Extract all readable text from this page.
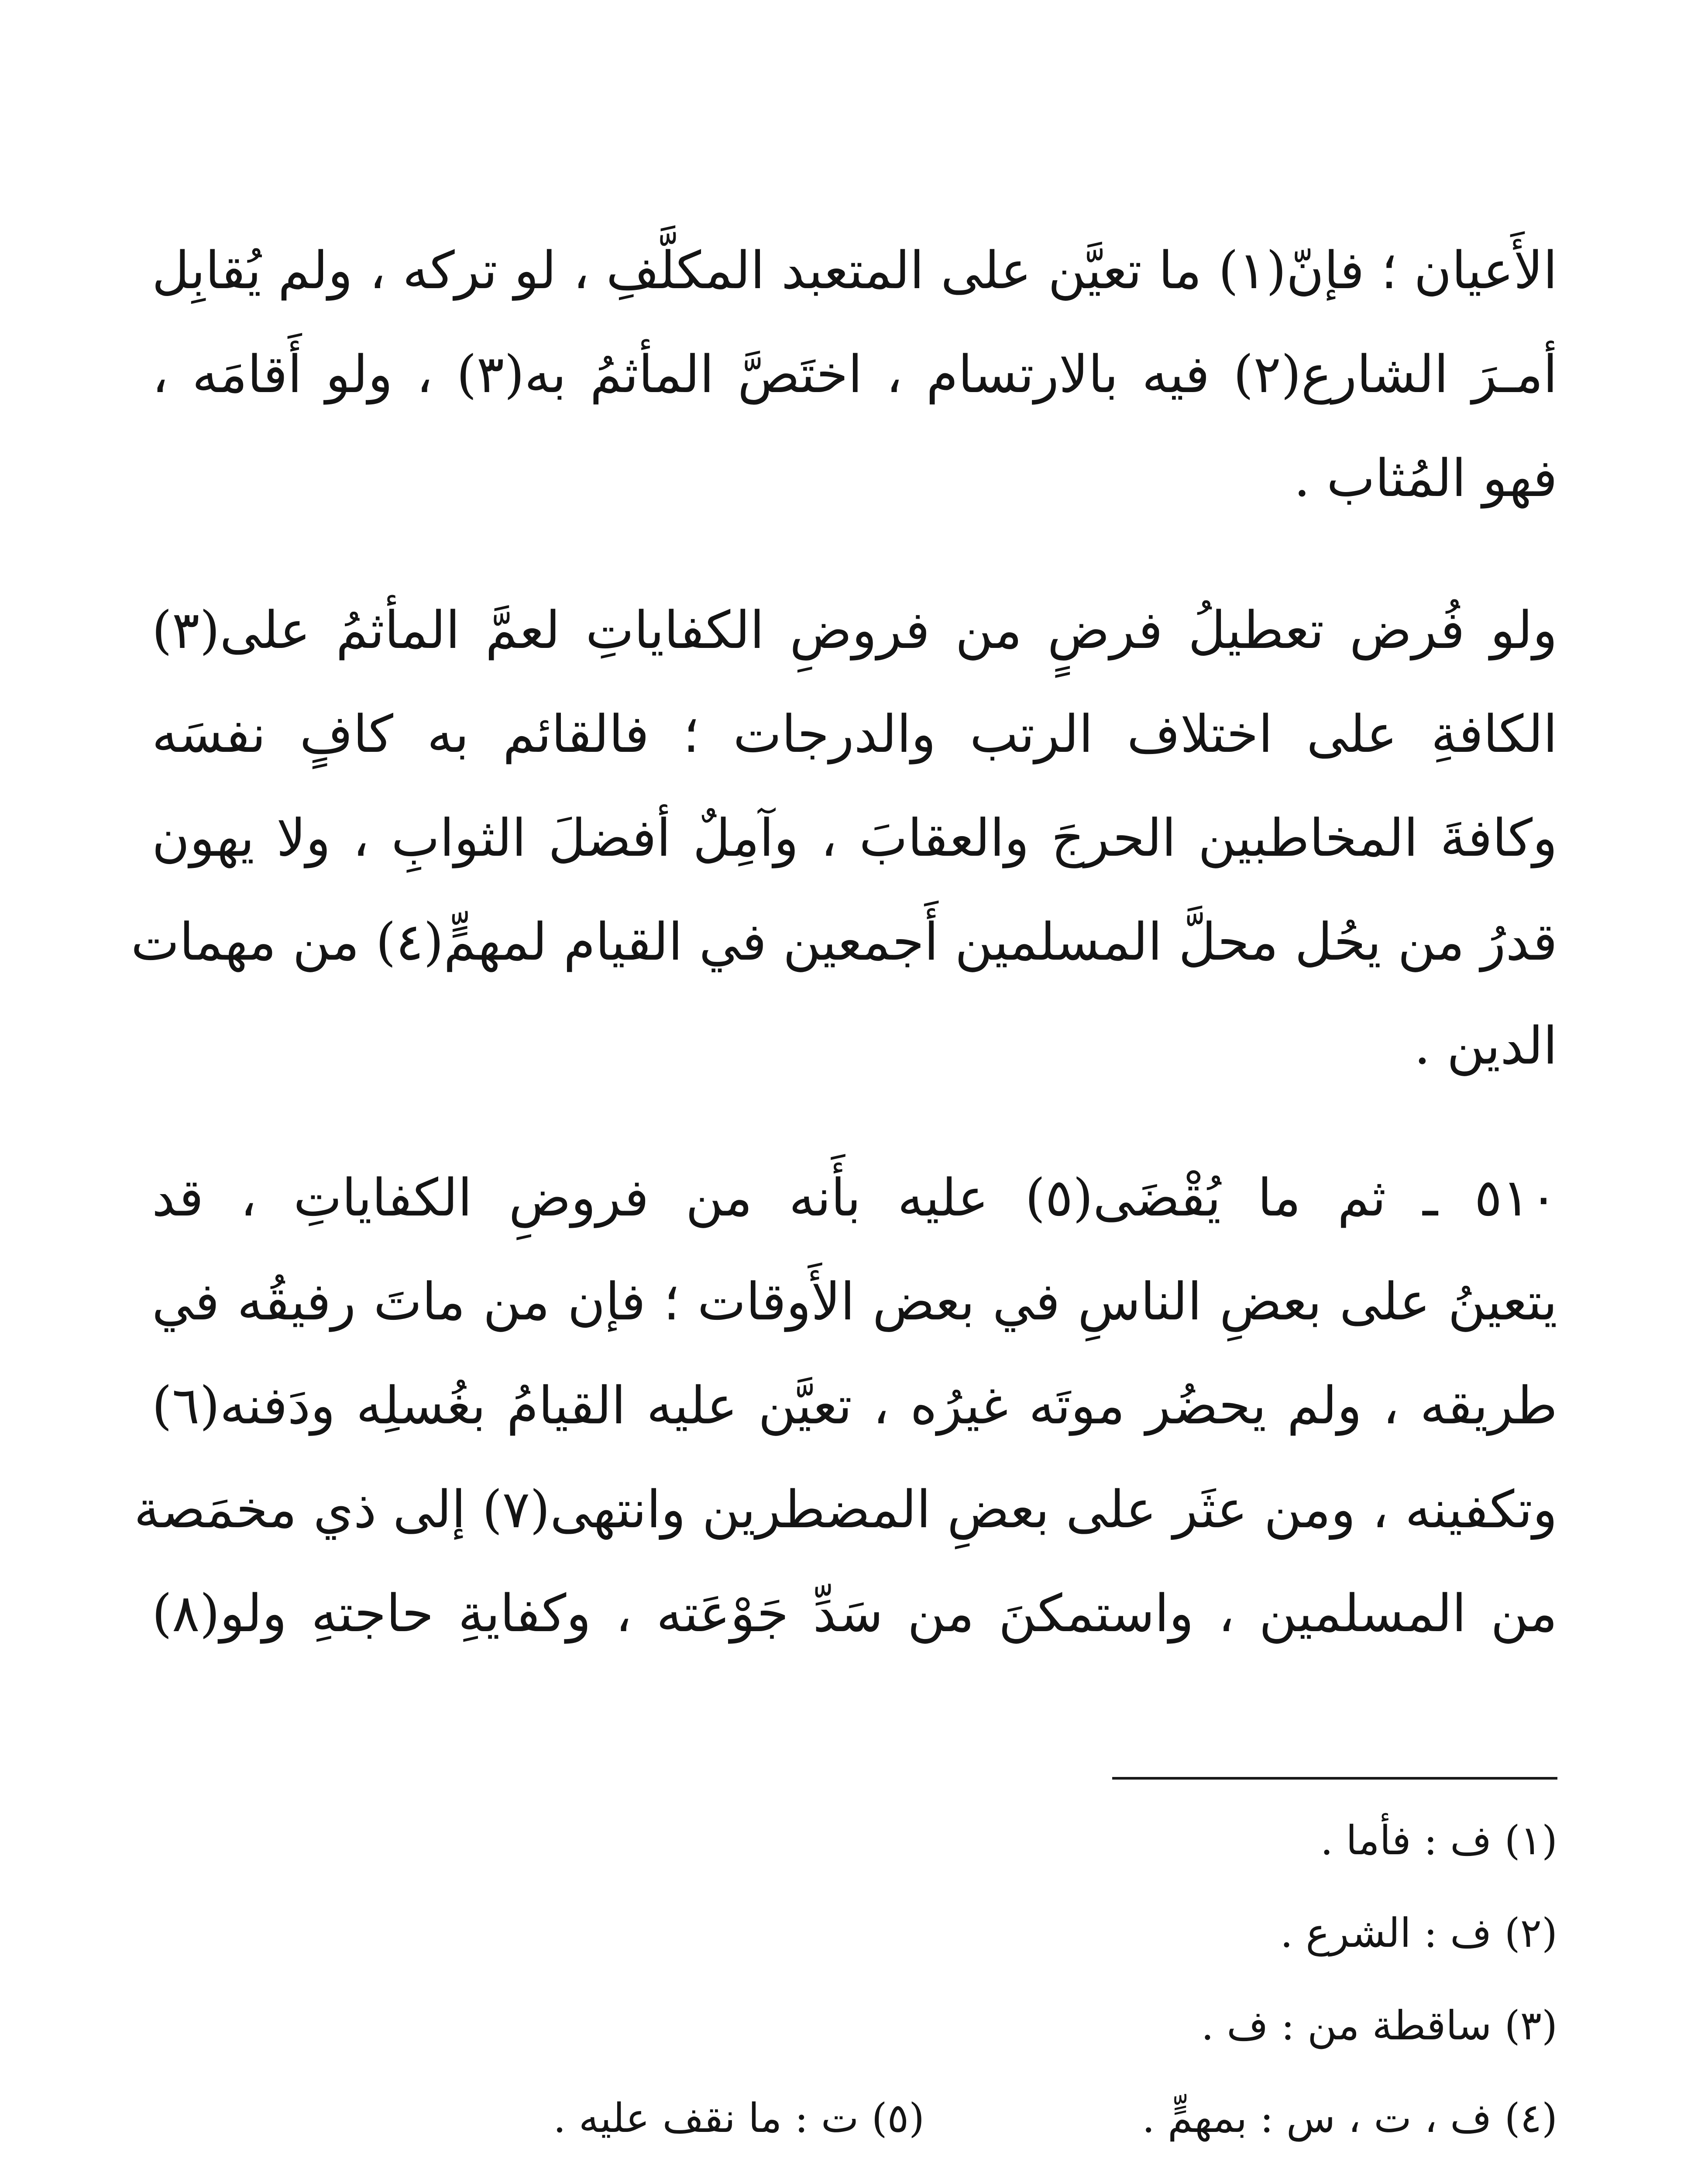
الأَعيان ؛ فإنّ(١) ما تعيَّن على المتعبد المكلَّفِ ، لو تركه ، ولم يُقابِل
أمـرَ الشارع(٢) فيه بالارتسام ، اختَصَّ المأثمُ به(٣) ، ولو أَقامَه ،
فهو المُثاب .
ولو فُرض تعطيلُ فرضٍ من فروضِ الكفاياتِ لعمَّ المأثمُ على(٣)
الكافةِ على اختلاف الرتب والدرجات ؛ فالقائم به كافٍ نفسَه
وكافةَ المخاطبين الحرجَ والعقابَ ، وآمِلٌ أفضلَ الثوابِ ، ولا يهون
قدرُ من يحُل محلَّ المسلمين أَجمعين في القيام لمهمٍّ(٤) من مهمات
الدين .
٥١٠ ـ ثم ما يُقْضَى(٥) عليه بأَنه من فروضِ الكفاياتِ ، قد
يتعينُ على بعضِ الناسِ في بعض الأَوقات ؛ فإن من ماتَ رفيقُه في
طريقه ، ولم يحضُر موتَه غيرُه ، تعيَّن عليه القيامُ بغُسلِه ودَفنه(٦)
وتكفينه ، ومن عثَر على بعضِ المضطرين وانتهى(٧) إلى ذي مخمَصة
من المسلمين ، واستمكنَ من سَدِّ جَوْعَته ، وكفايةِ حاجتهِ ولو(٨)
(١) ف : فأما .
(٢) ف : الشرع .
(٣) ساقطة من : ف .
(٤) ف ، ت ، س : بمهمٍّ .
(٥) ت : ما نقف عليه .
